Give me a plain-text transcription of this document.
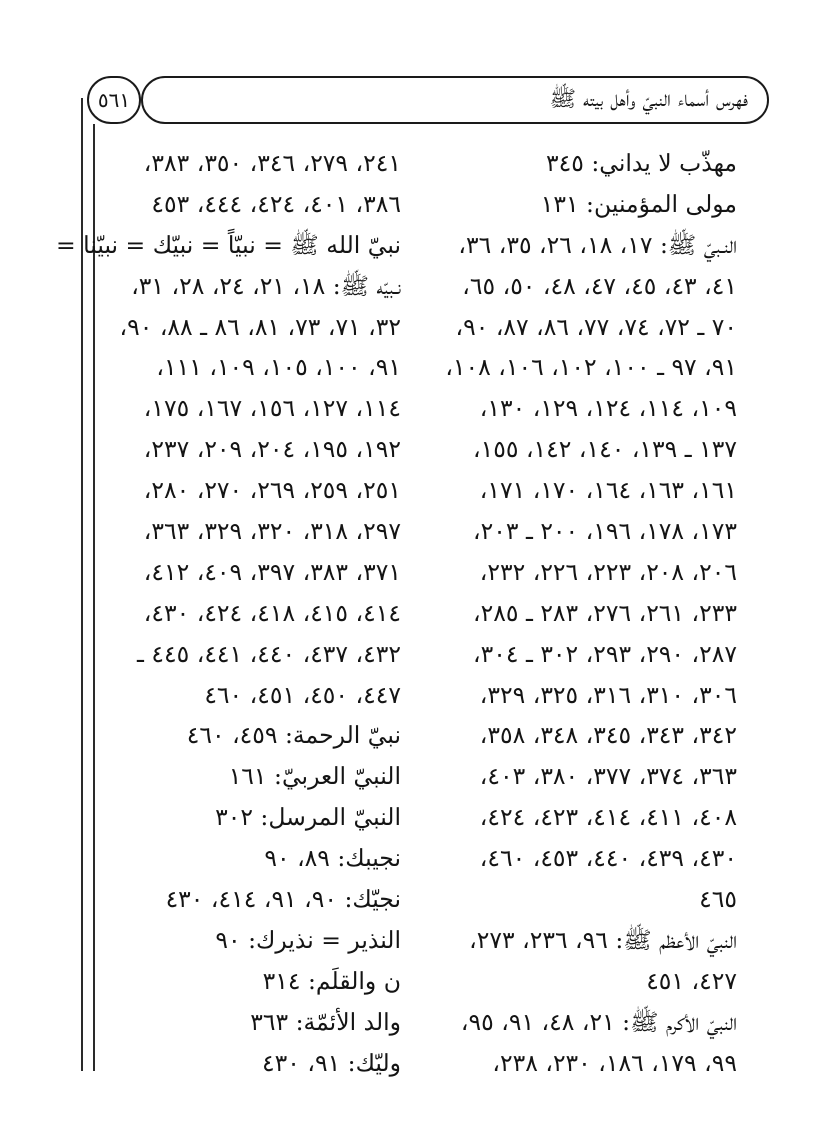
فهرس أسماء النبيّ وأهل بيته ﷺ
٥٦١
مهذّب لا يداني: ٣٤٥
مولى المؤمنين: ١٣١
النـبيّ ﷺ: ١٧، ١٨، ٢٦، ٣٥، ٣٦،
٤١، ٤٣، ٤٥، ٤٧، ٤٨، ٥٠، ٦٥،
٧٠ ـ ٧٢، ٧٤، ٧٧، ٨٦، ٨٧، ٩٠،
٩١، ٩٧ ـ ١٠٠، ١٠٢، ١٠٦، ١٠٨،
١٠٩، ١١٤، ١٢٤، ١٢٩، ١٣٠،
١٣٧ ـ ١٣٩، ١٤٠، ١٤٢، ١٥٥،
١٦١، ١٦٣، ١٦٤، ١٧٠، ١٧١،
١٧٣، ١٧٨، ١٩٦، ٢٠٠ ـ ٢٠٣،
٢٠٦، ٢٠٨، ٢٢٣، ٢٢٦، ٢٣٢،
٢٣٣، ٢٦١، ٢٧٦، ٢٨٣ ـ ٢٨٥،
٢٨٧، ٢٩٠، ٢٩٣، ٣٠٢ ـ ٣٠٤،
٣٠٦، ٣١٠، ٣١٦، ٣٢٥، ٣٢٩،
٣٤٢، ٣٤٣، ٣٤٥، ٣٤٨، ٣٥٨،
٣٦٣، ٣٧٤، ٣٧٧، ٣٨٠، ٤٠٣،
٤٠٨، ٤١١، ٤١٤، ٤٢٣، ٤٢٤،
٤٣٠، ٤٣٩، ٤٤٠، ٤٥٣، ٤٦٠،
٤٦٥
النبيّ الأعظم ﷺ: ٩٦، ٢٣٦، ٢٧٣،
٤٢٧، ٤٥١
النبيّ الأكرم ﷺ: ٢١، ٤٨، ٩١، ٩٥،
٩٩، ١٧٩، ١٨٦، ٢٣٠، ٢٣٨،
٢٤١، ٢٧٩، ٣٤٦، ٣٥٠، ٣٨٣،
٣٨٦، ٤٠١، ٤٢٤، ٤٤٤، ٤٥٣
نبيّ الله ﷺ = نبيّاً = نبيّك = نبيّنا =
نـبيّه ﷺ: ١٨، ٢١، ٢٤، ٢٨، ٣١،
٣٢، ٧١، ٧٣، ٨١، ٨٦ ـ ٨٨، ٩٠،
٩١، ١٠٠، ١٠٥، ١٠٩، ١١١،
١١٤، ١٢٧، ١٥٦، ١٦٧، ١٧٥،
١٩٢، ١٩٥، ٢٠٤، ٢٠٩، ٢٣٧،
٢٥١، ٢٥٩، ٢٦٩، ٢٧٠، ٢٨٠،
٢٩٧، ٣١٨، ٣٢٠، ٣٢٩، ٣٦٣،
٣٧١، ٣٨٣، ٣٩٧، ٤٠٩، ٤١٢،
٤١٤، ٤١٥، ٤١٨، ٤٢٤، ٤٣٠،
٤٣٢، ٤٣٧، ٤٤٠، ٤٤١، ٤٤٥ ـ
٤٤٧، ٤٥٠، ٤٥١، ٤٦٠
نبيّ الرحمة: ٤٥٩، ٤٦٠
النبيّ العربيّ: ١٦١
النبيّ المرسل: ٣٠٢
نجيبك: ٨٩، ٩٠
نجيّك: ٩٠، ٩١، ٤١٤، ٤٣٠
النذير = نذيرك: ٩٠
ن والقلَم: ٣١٤
والد الأئمّة: ٣٦٣
وليّك: ٩١، ٤٣٠
